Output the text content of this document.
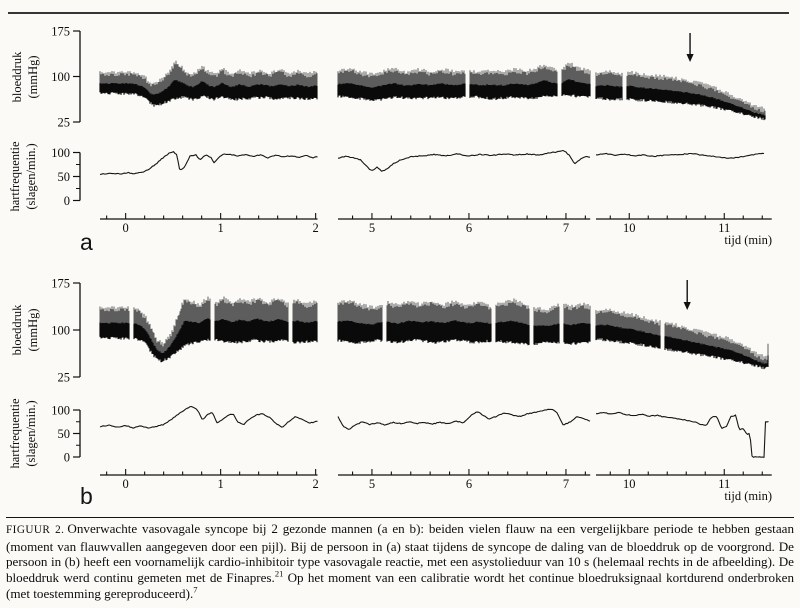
175
100
25
bloeddruk (mmHg)
100
50
0
hartfrequentie (slagen/min.)
0	1	2	5	6	7	10	11
tijd (min)
a
175
100
25
bloeddruk (mmHg)
100
50
0
hartfrequentie (slagen/min.)
0	1	2	5	6	7	10	11
tijd (min)
b
FIGUUR 2. Onverwachte vasovagale syncope bij 2 gezonde mannen (a en b): beiden vielen flauw na een vergelijkbare periode te hebben gestaan (moment van flauwvallen aangegeven door een pijl). Bij de persoon in (a) staat tijdens de syncope de daling van de bloeddruk op de voorgrond. De persoon in (b) heeft een voornamelijk cardio-inhibitoir type vasovagale reactie, met een asystolieduur van 10 s (helemaal rechts in de afbeelding). De bloeddruk werd continu gemeten met de Finapres.$^{21}$ Op het moment van een calibratie wordt het continue bloedruksignaal kortdurend onderbroken (met toestemming gereproduceerd).$^7$
